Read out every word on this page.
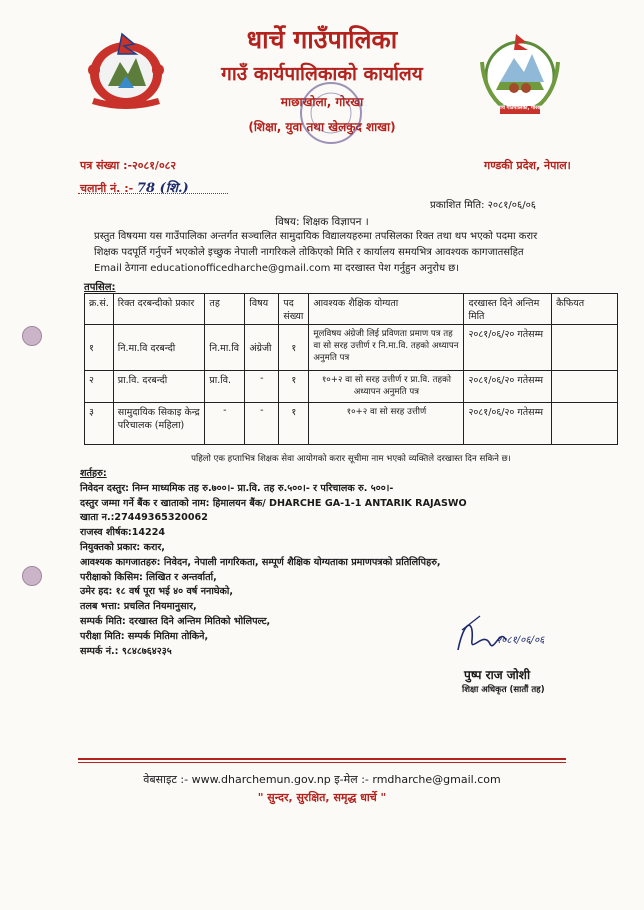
धार्चे गाउँपालिका, गोरखा
धार्चे गाउँपालिका
गाउँ कार्यपालिकाको कार्यालय
माछाखोला, गोरखा
(शिक्षा, युवा तथा खेलकुद शाखा)
पत्र संख्या :-२०८१/०८२
चलानी नं. :- 78 (शि.)
गण्डकी प्रदेश, नेपाल।
प्रकाशित मिति: २०८१/०६/०६
विषय: शिक्षक विज्ञापन ।
प्रस्तुत विषयमा यस गाउँपालिका अन्तर्गत सञ्चालित सामुदायिक विद्यालयहरुमा तपसिलका रिक्त तथा थप भएको पदमा करार
शिक्षक पदपूर्ति गर्नुपर्ने भएकोले इच्छुक नेपाली नागरिकले तोकिएको मिति र कार्यालय समयभित्र आवश्यक कागजातसहित
Email ठेगाना educationofficedharche@gmail.com मा दरखास्त पेश गर्नुहुन अनुरोध छ।
तपसिल:
क्र.सं.	रिक्त दरबन्दीको प्रकार	तह	विषय	पद संख्या	आवश्यक शैक्षिक योग्यता	दरखास्त दिने अन्तिम मिति	कैफियत
१	नि.मा.वि दरबन्दी	नि.मा.वि	अंग्रेजी	१	मूलविषय अंग्रेजी लिई प्रविणता प्रमाण पत्र तह वा सो सरह उत्तीर्ण र नि.मा.वि. तहको अध्यापन अनुमति पत्र	२०८१/०६/२० गतेसम्म	
२	प्रा.वि. दरबन्दी	प्रा.वि.	-	१	१०+२ वा सो सरह उत्तीर्ण र प्रा.वि. तहको अध्यापन अनुमति पत्र	२०८१/०६/२० गतेसम्म	
३	सामुदायिक सिकाइ केन्द्र परिचालक (महिला)	-	-	१	१०+२ वा सो सरह उत्तीर्ण	२०८१/०६/२० गतेसम्म	
पहिलो एक हप्ताभित्र शिक्षक सेवा आयोगको करार सूचीमा नाम भएको व्यक्तिले दरखास्त दिन सकिने छ।
शर्तहरु:
निवेदन दस्तुर: निम्न माध्यमिक तह रु.७००।- प्रा.वि. तह रु.५००।- र परिचालक रु. ५००।-
दस्तुर जम्मा गर्ने बैंक र खाताको नाम: हिमालयन बैंक/ DHARCHE GA-1-1 ANTARIK RAJASWO
खाता न.:27449365320062
राजस्व शीर्षक:14224
नियुक्तको प्रकार: करार,
आवश्यक कागजातहरु: निवेदन, नेपाली नागरिकता, सम्पूर्ण शैक्षिक योग्यताका प्रमाणपत्रको प्रतिलिपिहरु,
परीक्षाको किसिम: लिखित र अन्तर्वार्ता,
उमेर हद: १८ वर्ष पूरा भई ४० वर्ष ननाघेको,
तलब भत्ता: प्रचलित नियमानुसार,
सम्पर्क मिति: दरखास्त दिने अन्तिम मितिको भोलिपल्ट,
परीक्षा मिति: सम्पर्क मितिमा तोकिने,
सम्पर्क नं.: ९८४८७६४२३५
२०८१/०६/०६
पुष्प राज जोशी
शिक्षा अधिकृत (सातौं तह)
वेबसाइट :- www.dharchemun.gov.np इ-मेल :- rmdharche@gmail.com
" सुन्दर, सुरक्षित, समृद्ध धार्चे "
